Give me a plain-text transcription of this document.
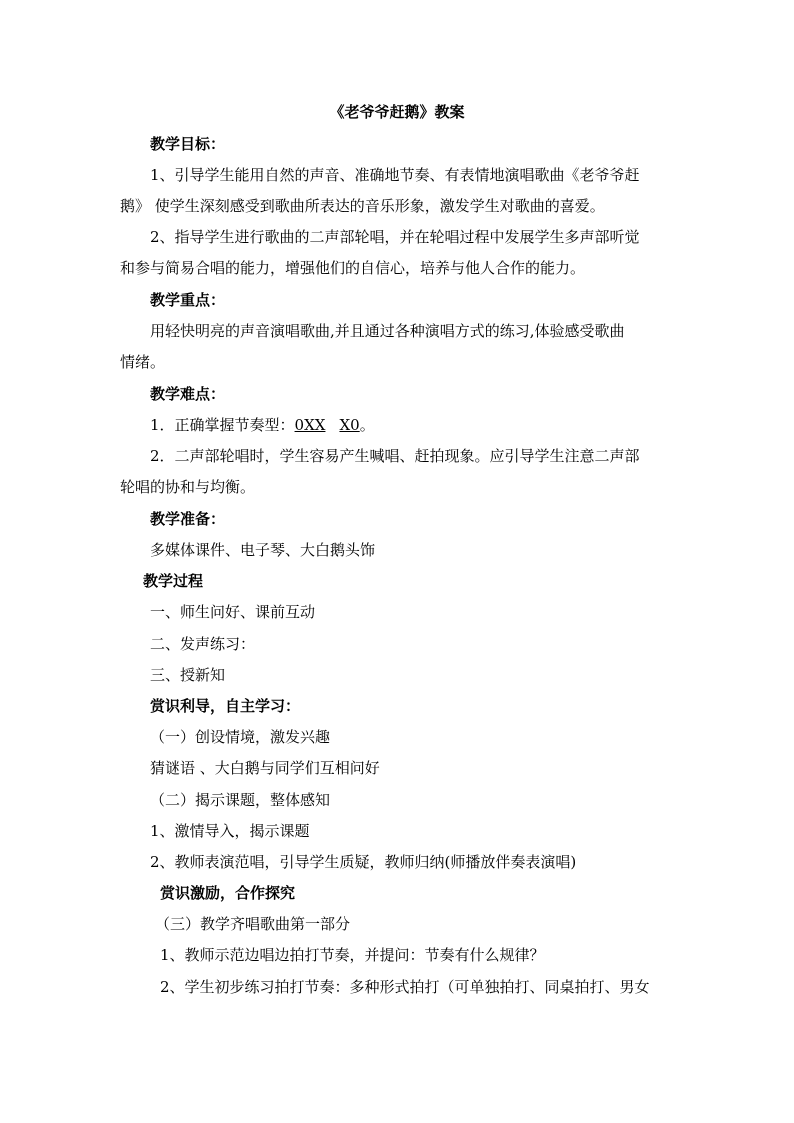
《老爷爷赶鹅》教案

教学目标：

1、引导学生能用自然的声音、准确地节奏、有表情地演唱歌曲《老爷爷赶

鹅》 使学生深刻感受到歌曲所表达的音乐形象，激发学生对歌曲的喜爱。

2、指导学生进行歌曲的二声部轮唱，并在轮唱过程中发展学生多声部听觉

和参与简易合唱的能力，增强他们的自信心，培养与他人合作的能力。

教学重点：

用轻快明亮的声音演唱歌曲,并且通过各种演唱方式的练习,体验感受歌曲

情绪。

教学难点：

1．正确掌握节奏型：0XX X0。

2．二声部轮唱时，学生容易产生喊唱、赶拍现象。应引导学生注意二声部

轮唱的协和与均衡。

教学准备：

多媒体课件、电子琴、大白鹅头饰

教学过程

一、师生问好、课前互动

二、发声练习：

三、授新知

赏识利导，自主学习：

（一）创设情境，激发兴趣

猜谜语 、大白鹅与同学们互相问好

（二）揭示课题，整体感知

1、激情导入，揭示课题

2、教师表演范唱，引导学生质疑，教师归纳(师播放伴奏表演唱)

赏识激励，合作探究

（三）教学齐唱歌曲第一部分

1、教师示范边唱边拍打节奏，并提问：节奏有什么规律？

2、学生初步练习拍打节奏：多种形式拍打（可单独拍打、同桌拍打、男女
